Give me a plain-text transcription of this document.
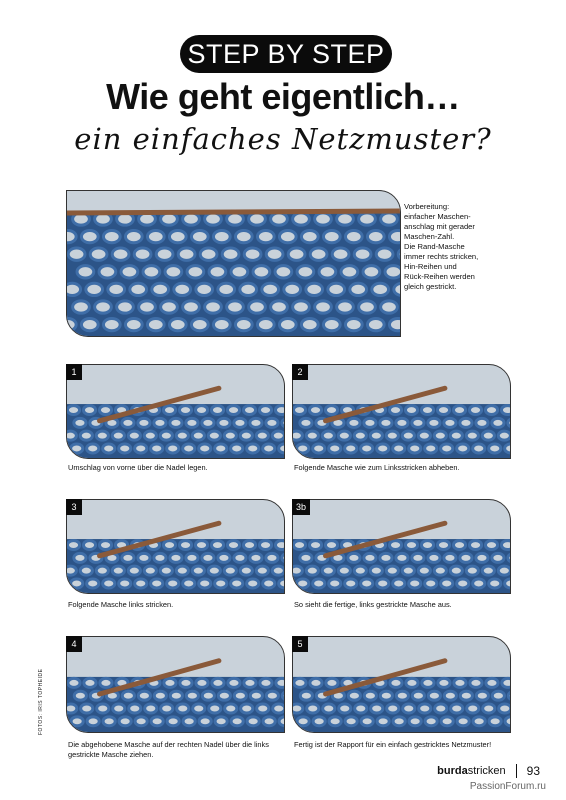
STEP BY STEP
Wie geht eigentlich…
ein einfaches Netzmuster?
Vorbereitung:
einfacher Maschen-
anschlag mit gerader
Maschen-Zahl.
Die Rand-Masche
immer rechts stricken,
Hin-Reihen und
Rück-Reihen werden
gleich gestrickt.
1
Umschlag von vorne über die Nadel legen.
2
Folgende Masche wie zum Linksstricken abheben.
3
Folgende Masche links stricken.
3b
So sieht die fertige, links gestrickte Masche aus.
4
Die abgehobene Masche auf der rechten Nadel über die links gestrickte Masche ziehen.
5
Fertig ist der Rapport für ein einfach gestricktes Netzmuster!
FOTOS: IRIS TOPHEIDE
burda stricken 93
PassionForum.ru
